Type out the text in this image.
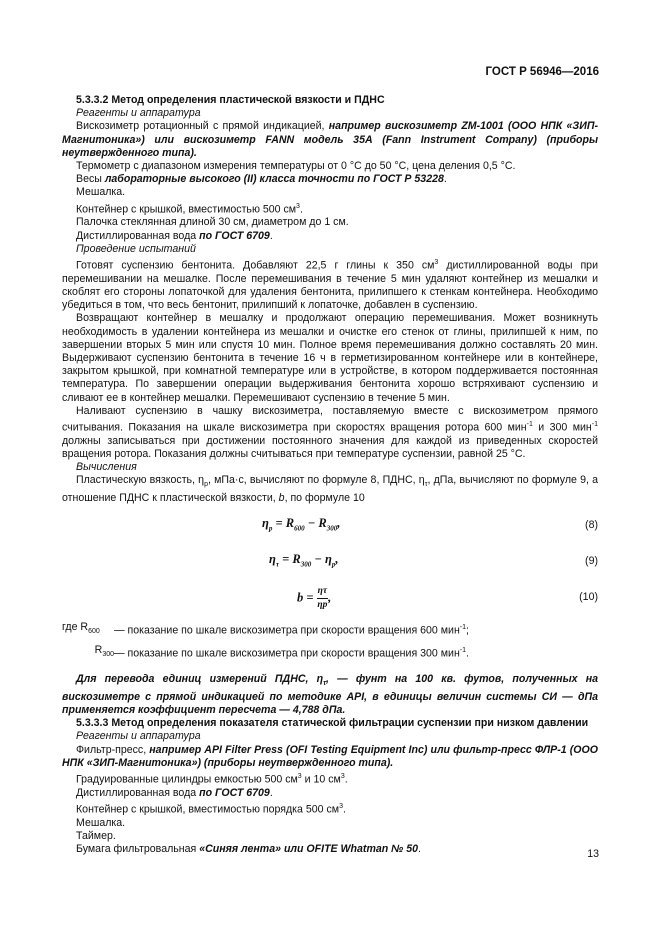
ГОСТ Р 56946—2016

5.3.3.2 Метод определения пластической вязкости и ПДНС

Реагенты и аппаратура

Вискозиметр ротационный с прямой индикацией, например вискозиметр ZM-1001 (ООО НПК «ЗИП-Магнитоника») или вискозиметр FANN модель 35А (Fann Instrument Company) (приборы неутвержденного типа).

Термометр с диапазоном измерения температуры от 0 °С до 50 °С, цена деления 0,5 °С.

Весы лабораторные высокого (II) класса точности по ГОСТ Р 53228.

Мешалка.

Контейнер с крышкой, вместимостью 500 $см^3$.

Палочка стеклянная длиной 30 см, диаметром до 1 см.

Дистиллированная вода по ГОСТ 6709.

Проведение испытаний

Готовят суспензию бентонита. Добавляют 22,5 г глины к 350 $см^3$ дистиллированной воды при перемешивании на мешалке. После перемешивания в течение 5 мин удаляют контейнер из мешалки и скоблят его стороны лопаточкой для удаления бентонита, прилипшего к стенкам контейнера. Необходимо убедиться в том, что весь бентонит, прилипший к лопаточке, добавлен в суспензию.

Возвращают контейнер в мешалку и продолжают операцию перемешивания. Может возникнуть необходимость в удалении контейнера из мешалки и очистке его стенок от глины, прилипшей к ним, по завершении вторых 5 мин или спустя 10 мин. Полное время перемешивания должно составлять 20 мин. Выдерживают суспензию бентонита в течение 16 ч в герметизированном контейнере или в контейнере, закрытом крышкой, при комнатной температуре или в устройстве, в котором поддерживается постоянная температура. По завершении операции выдерживания бентонита хорошо встряхивают суспензию и сливают ее в контейнер мешалки. Перемешивают суспензию в течение 5 мин.

Наливают суспензию в чашку вискозиметра, поставляемую вместе с вискозиметром прямого считывания. Показания на шкале вискозиметра при скоростях вращения ротора 600 мин$^{-1}$ и 300 мин$^{-1}$ должны записываться при достижении постоянного значения для каждой из приведенных скоростей вращения ротора. Показания должны считываться при температуре суспензии, равной 25 °С.

Вычисления

Пластическую вязкость, $\eta_p$, мПа·с, вычисляют по формуле 8, ПДНС, $\eta_\tau$, дПа, вычисляют по формуле 9, а отношение ПДНС к пластической вязкости, b, по формуле 10

$\eta_p = R_{600} - R_{300}$,	(8)
$\eta_\tau = R_{300} - \eta_p$,	(9)
$b = \frac{\eta\tau}{\eta p}$ ,	(10)
где $R_{600}$	— показание по шкале вискозиметра при скорости вращения 600 мин$^{-1}$;
$R_{300}$ — показание по шкале вискозиметра при скорости вращения 300 мин$^{-1}$.

Для перевода единиц измерений ПДНС, $\eta_\tau$, — фунт на 100 кв. футов, полученных на вискозиметре с прямой индикацией по методике API, в единицы величин системы СИ — дПа применяется коэффициент пересчета — 4,788 дПа.

5.3.3.3 Метод определения показателя статической фильтрации суспензии при низком давлении

Реагенты и аппаратура

Фильтр-пресс, например API Filter Press (OFI Testing Equipment Inc) или фильтр-пресс ФЛР-1 (ООО НПК «ЗИП-Магнитоника») (приборы неутвержденного типа).

Градуированные цилиндры емкостью 500 $см^3$ и 10 $см^3$.

Дистиллированная вода по ГОСТ 6709.

Контейнер с крышкой, вместимостью порядка 500 $см^3$.

Мешалка.

Таймер.

Бумага фильтровальная «Синяя лента» или OFITE Whatman № 50.	13
